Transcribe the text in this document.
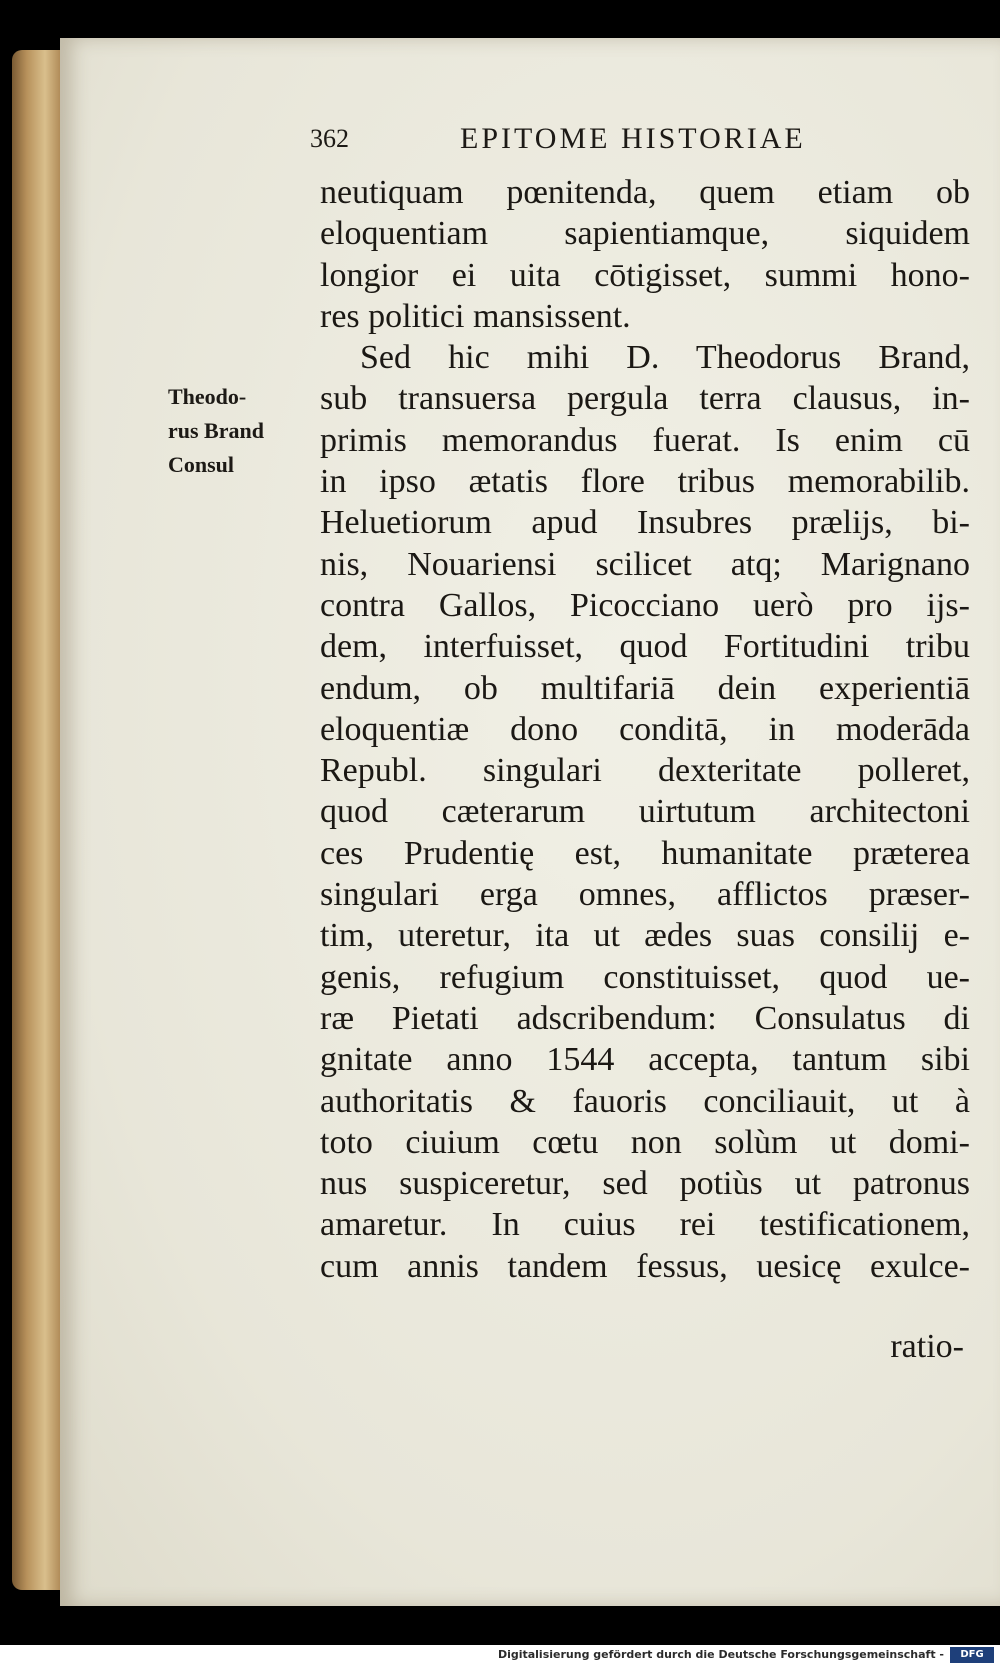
362	EPITOME HISTORIAE
Theodo-
rus Brand
Consul
neutiquam pœnitenda, quem etiam ob
eloquentiam sapientiamque, siquidem
longior ei uita cōtigisset, summi hono-
res politici mansissent.
Sed hic mihi D. Theodorus Brand,
sub transuersa pergula terra clausus, in-
primis memorandus fuerat. Is enim cū
in ipso ætatis flore tribus memorabilib.
Heluetiorum apud Insubres prælijs, bi-
nis, Nouariensi scilicet atq; Marignano
contra Gallos, Picocciano uerò pro ijs-
dem, interfuisset, quod Fortitudini tribu
endum, ob multifariā dein experientiā
eloquentiæ dono conditā, in moderāda
Republ. singulari dexteritate polleret,
quod cæterarum uirtutum architectoni
ces Prudentię est, humanitate præterea
singulari erga omnes, afflictos præser-
tim, uteretur, ita ut ædes suas consilij e-
genis, refugium constituisset, quod ue-
ræ Pietati adscribendum: Consulatus di
gnitate anno 1544 accepta, tantum sibi
authoritatis & fauoris conciliauit, ut à
toto ciuium cœtu non solùm ut domi-
nus suspiceretur, sed potiùs ut patronus
amaretur. In cuius rei testificationem,
cum annis tandem fessus, uesicę exulce-
ratio-
Digitalisierung gefördert durch die Deutsche Forschungsgemeinschaft -	DFG
